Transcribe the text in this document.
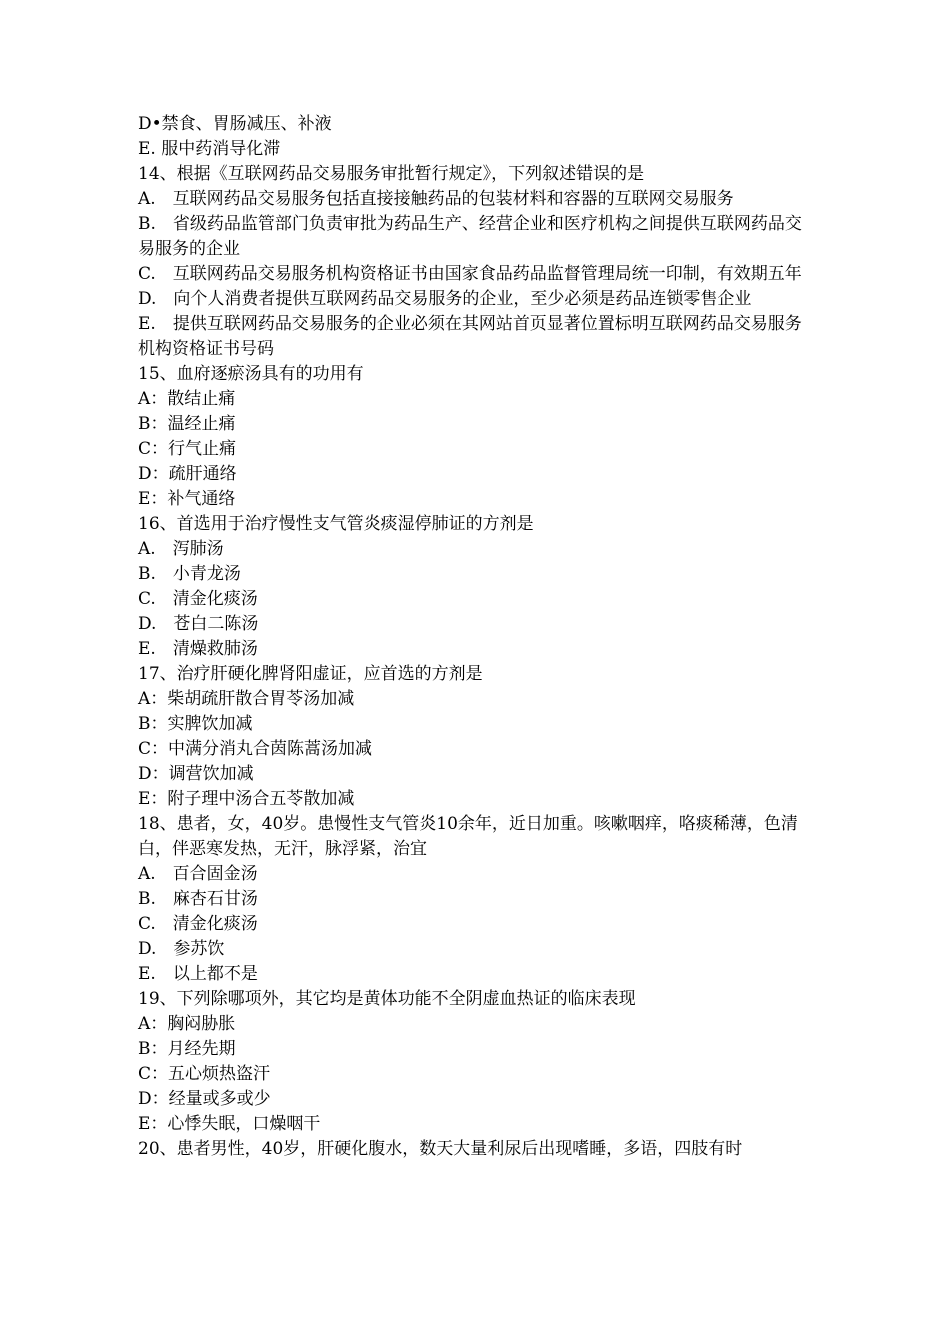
D•禁食、胃肠减压、补液

E. 服中药消导化滞

14、根据《互联网药品交易服务审批暂行规定》，下列叙述错误的是

A.　互联网药品交易服务包括直接接触药品的包装材料和容器的互联网交易服务

B.　省级药品监管部门负责审批为药品生产、经营企业和医疗机构之间提供互联网药品交易服务的企业

C.　互联网药品交易服务机构资格证书由国家食品药品监督管理局统一印制，有效期五年

D.　向个人消费者提供互联网药品交易服务的企业，至少必须是药品连锁零售企业

E.　提供互联网药品交易服务的企业必须在其网站首页显著位置标明互联网药品交易服务机构资格证书号码

15、血府逐瘀汤具有的功用有

A：散结止痛

B：温经止痛

C：行气止痛

D：疏肝通络

E：补气通络

16、首选用于治疗慢性支气管炎痰湿停肺证的方剂是

A.　泻肺汤

B.　小青龙汤

C.　清金化痰汤

D.　苍白二陈汤

E.　清燥救肺汤

17、治疗肝硬化脾肾阳虚证，应首选的方剂是

A：柴胡疏肝散合胃苓汤加减

B：实脾饮加减

C：中满分消丸合茵陈蒿汤加减

D：调营饮加减

E：附子理中汤合五苓散加减

18、患者，女，40岁。患慢性支气管炎10余年，近日加重。咳嗽咽痒，咯痰稀薄，色清白，伴恶寒发热，无汗，脉浮紧，治宜

A.　百合固金汤

B.　麻杏石甘汤

C.　清金化痰汤

D.　参苏饮

E.　以上都不是

19、下列除哪项外，其它均是黄体功能不全阴虚血热证的临床表现

A：胸闷胁胀

B：月经先期

C：五心烦热盗汗

D：经量或多或少

E：心悸失眠，口燥咽干

20、患者男性，40岁，肝硬化腹水，数天大量利尿后出现嗜睡，多语，四肢有时
